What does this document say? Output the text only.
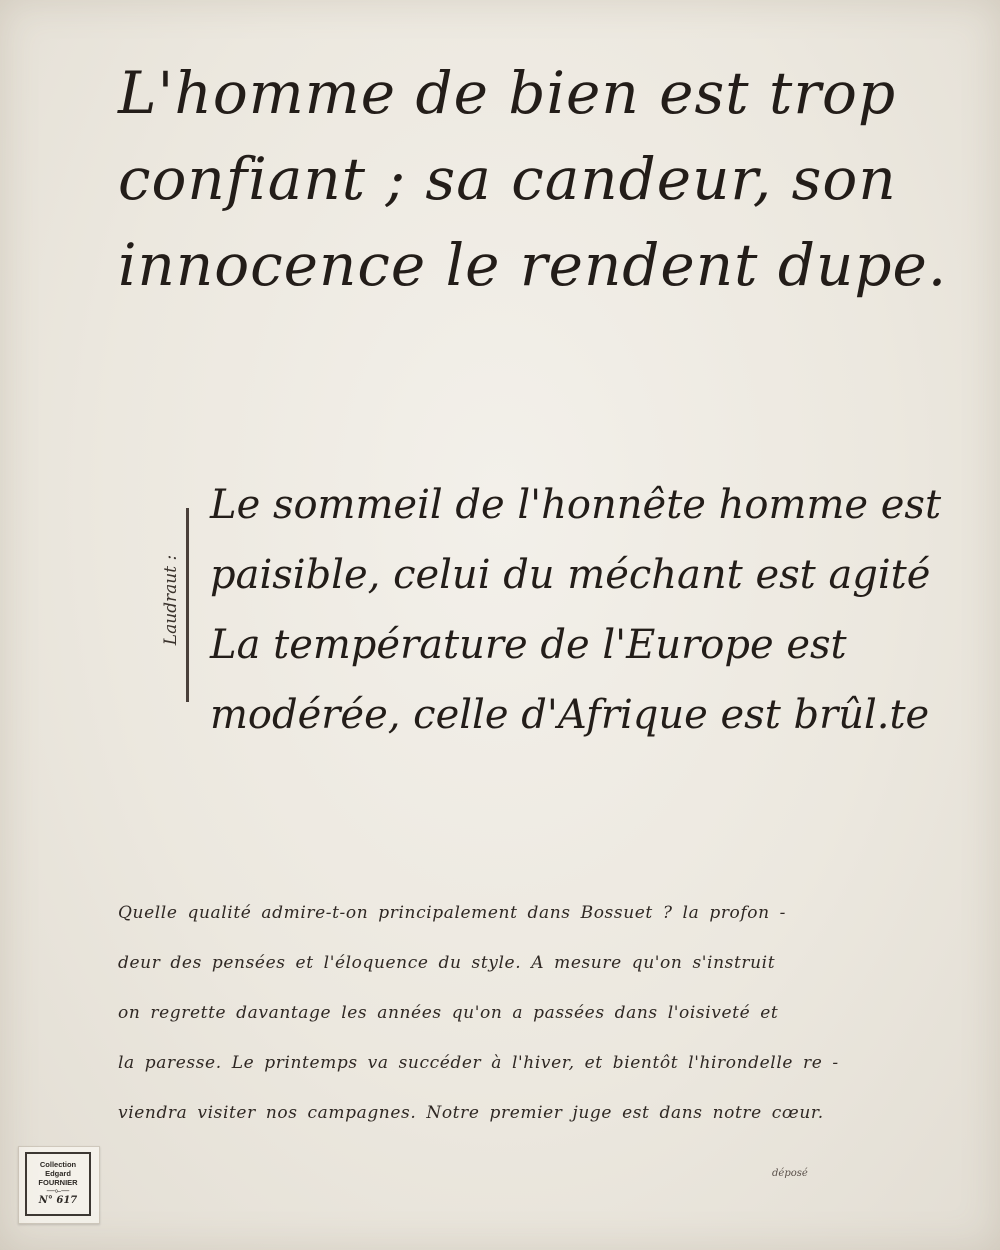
L'homme de bien est trop
confiant ; sa candeur, son
innocence le rendent dupe.
Laudraut :
Le sommeil de l'honnête homme est
paisible, celui du méchant est agité
La température de l'Europe est
modérée, celle d'Afrique est brûl.te
Quelle qualité admire-t-on principalement dans Bossuet ? la profon -
deur des pensées et l'éloquence du style. A mesure qu'on s'instruit
on regrette davantage les années qu'on a passées dans l'oisiveté et
la paresse. Le printemps va succéder à l'hiver, et bientôt l'hirondelle re -
viendra visiter nos campagnes. Notre premier juge est dans notre cœur.
déposé
Collection
Edgard
FOURNIER
—⟜—
N° 617
